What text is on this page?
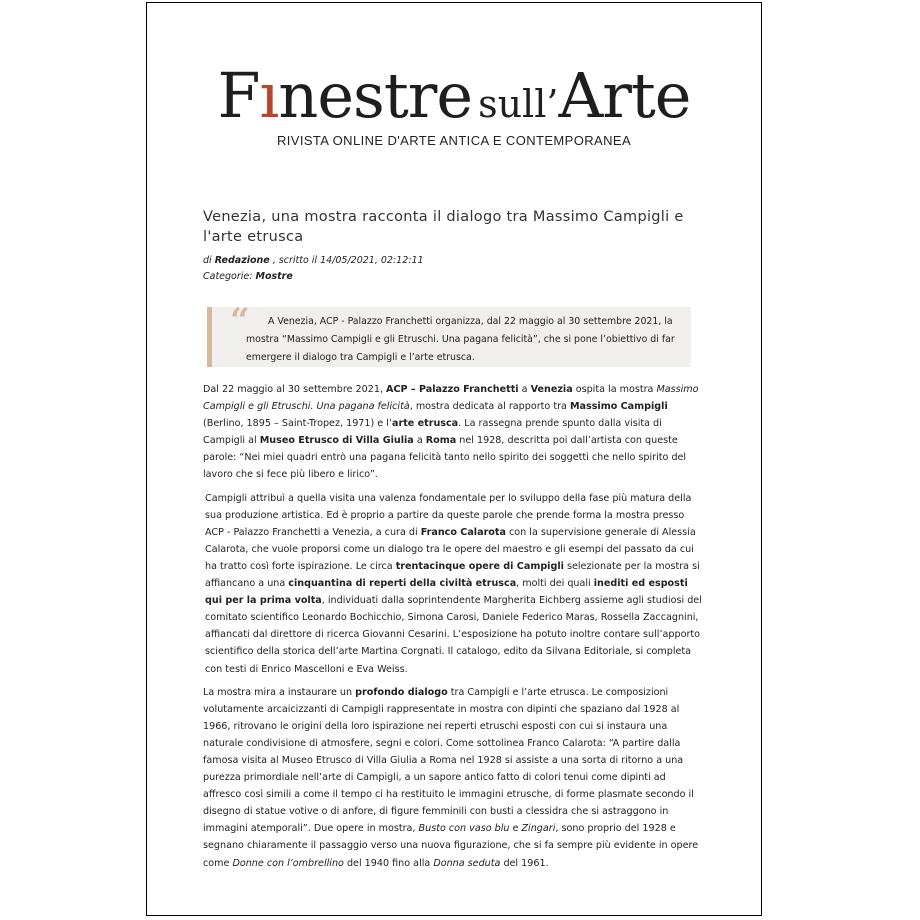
F ı nestre sull’ Arte
RIVISTA ONLINE D'ARTE ANTICA E CONTEMPORANEA
Venezia, una mostra racconta il dialogo tra Massimo Campigli e l'arte etrusca
di Redazione , scritto il 14/05/2021, 02:12:11
Categorie: Mostre
“	A Venezia, ACP - Palazzo Franchetti organizza, dal 22 maggio al 30 settembre 2021, la mostra “Massimo Campigli e gli Etruschi. Una pagana felicità”, che si pone l’obiettivo di far emergere il dialogo tra Campigli e l’arte etrusca.

Dal 22 maggio al 30 settembre 2021, ACP – Palazzo Franchetti a Venezia ospita la mostra Massimo Campigli e gli Etruschi. Una pagana felicità, mostra dedicata al rapporto tra Massimo Campigli (Berlino, 1895 – Saint-Tropez, 1971) e l’arte etrusca. La rassegna prende spunto dalla visita di Campigli al Museo Etrusco di Villa Giulia a Roma nel 1928, descritta poi dall’artista con queste parole: “Nei miei quadri entrò una pagana felicità tanto nello spirito dei soggetti che nello spirito del lavoro che si fece più libero e lirico”.

Campigli attribuì a quella visita una valenza fondamentale per lo sviluppo della fase più matura della sua produzione artistica. Ed è proprio a partire da queste parole che prende forma la mostra presso ACP - Palazzo Franchetti a Venezia, a cura di Franco Calarota con la supervisione generale di Alessia Calarota, che vuole proporsi come un dialogo tra le opere del maestro e gli esempi del passato da cui ha tratto così forte ispirazione. Le circa trentacinque opere di Campigli selezionate per la mostra si affiancano a una cinquantina di reperti della civiltà etrusca, molti dei quali inediti ed esposti qui per la prima volta, individuati dalla soprintendente Margherita Eichberg assieme agli studiosi del comitato scientifico Leonardo Bochicchio, Simona Carosi, Daniele Federico Maras, Rossella Zaccagnini, affiancati dal direttore di ricerca Giovanni Cesarini. L’esposizione ha potuto inoltre contare sull’apporto scientifico della storica dell’arte Martina Corgnati. Il catalogo, edito da Silvana Editoriale, si completa con testi di Enrico Mascelloni e Eva Weiss.

La mostra mira a instaurare un profondo dialogo tra Campigli e l’arte etrusca. Le composizioni volutamente arcaicizzanti di Campigli rappresentate in mostra con dipinti che spaziano dal 1928 al 1966, ritrovano le origini della loro ispirazione nei reperti etruschi esposti con cui si instaura una naturale condivisione di atmosfere, segni e colori. Come sottolinea Franco Calarota: “A partire dalla famosa visita al Museo Etrusco di Villa Giulia a Roma nel 1928 si assiste a una sorta di ritorno a una purezza primordiale nell’arte di Campigli, a un sapore antico fatto di colori tenui come dipinti ad affresco così simili a come il tempo ci ha restituito le immagini etrusche, di forme plasmate secondo il disegno di statue votive o di anfore, di figure femminili con busti a clessidra che si astraggono in immagini atemporali”. Due opere in mostra, Busto con vaso blu e Zingari, sono proprio del 1928 e segnano chiaramente il passaggio verso una nuova figurazione, che si fa sempre più evidente in opere come Donne con l’ombrellino del 1940 fino alla Donna seduta del 1961.
